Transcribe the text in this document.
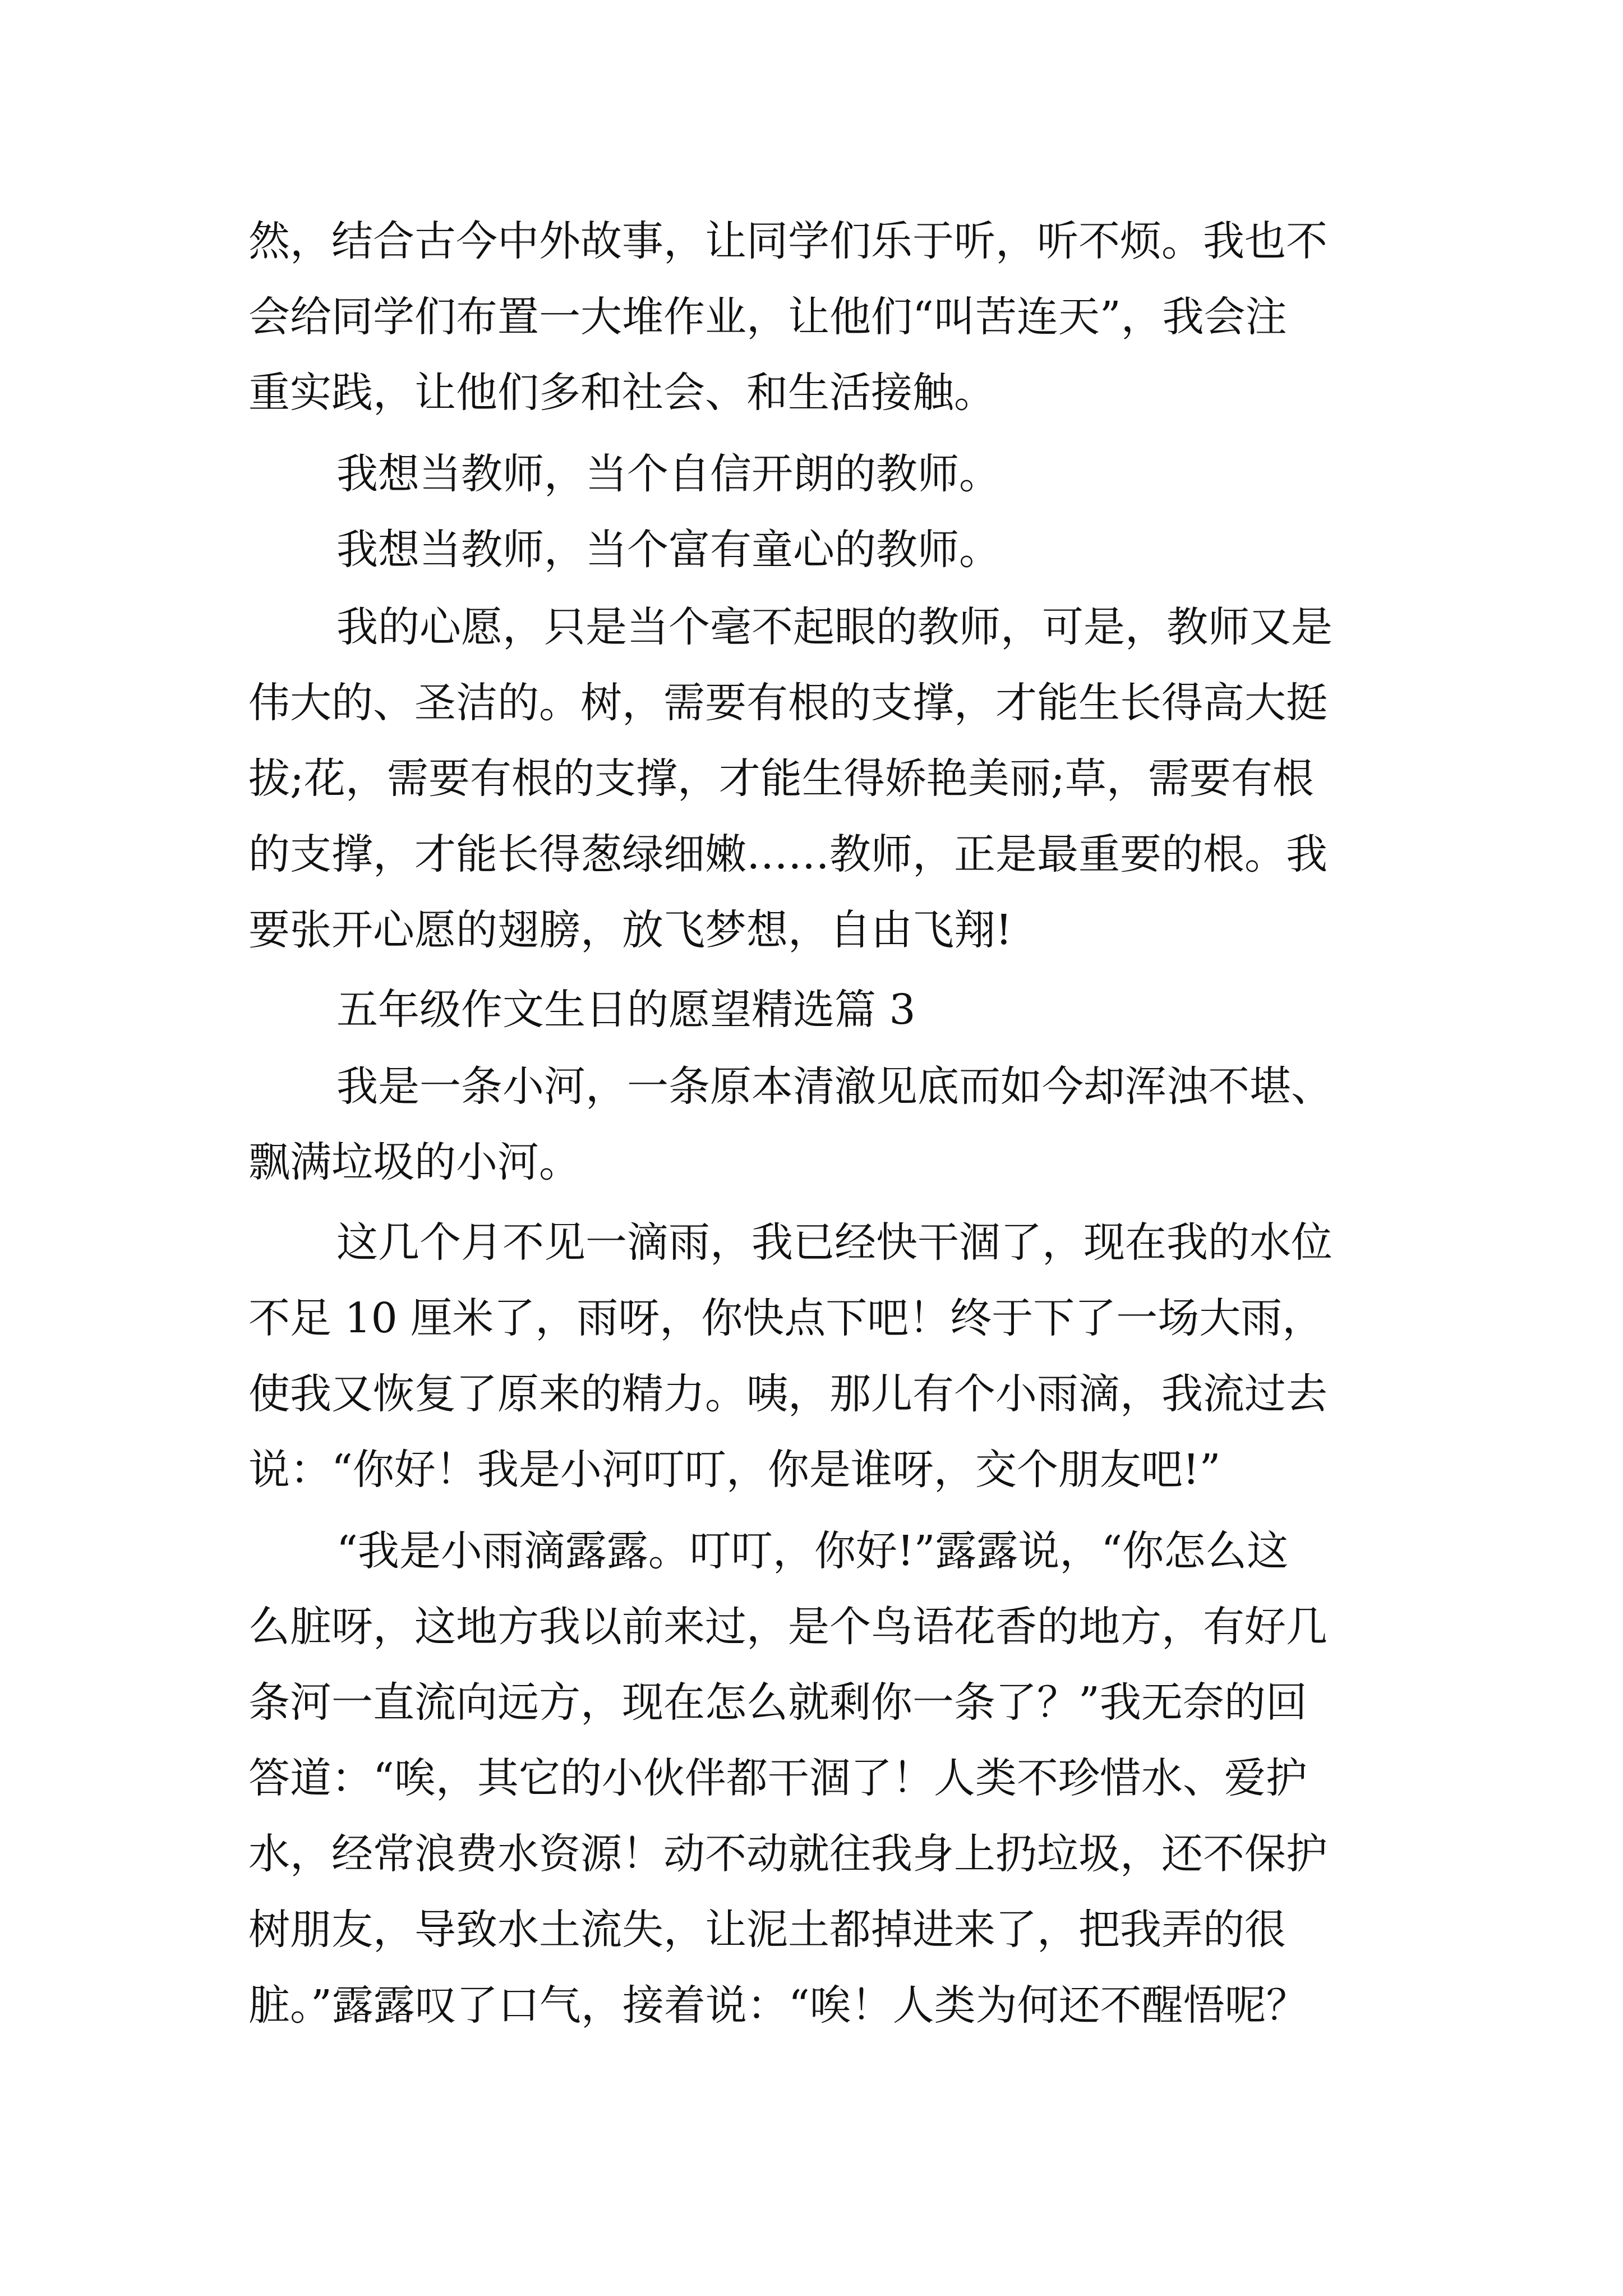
然，结合古今中外故事，让同学们乐于听，听不烦。我也不
会给同学们布置一大堆作业，让他们“叫苦连天”，我会注
重实践，让他们多和社会、和生活接触。
我想当教师，当个自信开朗的教师。
我想当教师，当个富有童心的教师。
我的心愿，只是当个毫不起眼的教师，可是，教师又是
伟大的、圣洁的。树，需要有根的支撑，才能生长得高大挺
拔;花，需要有根的支撑，才能生得娇艳美丽;草，需要有根
的支撑，才能长得葱绿细嫩……教师，正是最重要的根。我
要张开心愿的翅膀，放飞梦想，自由飞翔!
五年级作文生日的愿望精选篇 3
我是一条小河，一条原本清澈见底而如今却浑浊不堪、
飘满垃圾的小河。
这几个月不见一滴雨，我已经快干涸了，现在我的水位
不足 10 厘米了，雨呀，你快点下吧！终于下了一场大雨，
使我又恢复了原来的精力。咦，那儿有个小雨滴，我流过去
说：“你好！我是小河叮叮，你是谁呀，交个朋友吧!”
“我是小雨滴露露。叮叮，你好!”露露说，“你怎么这
么脏呀，这地方我以前来过，是个鸟语花香的地方，有好几
条河一直流向远方，现在怎么就剩你一条了？”我无奈的回
答道：“唉，其它的小伙伴都干涸了！人类不珍惜水、爱护
水，经常浪费水资源！动不动就往我身上扔垃圾，还不保护
树朋友，导致水土流失，让泥土都掉进来了，把我弄的很
脏。”露露叹了口气，接着说：“唉！人类为何还不醒悟呢？
